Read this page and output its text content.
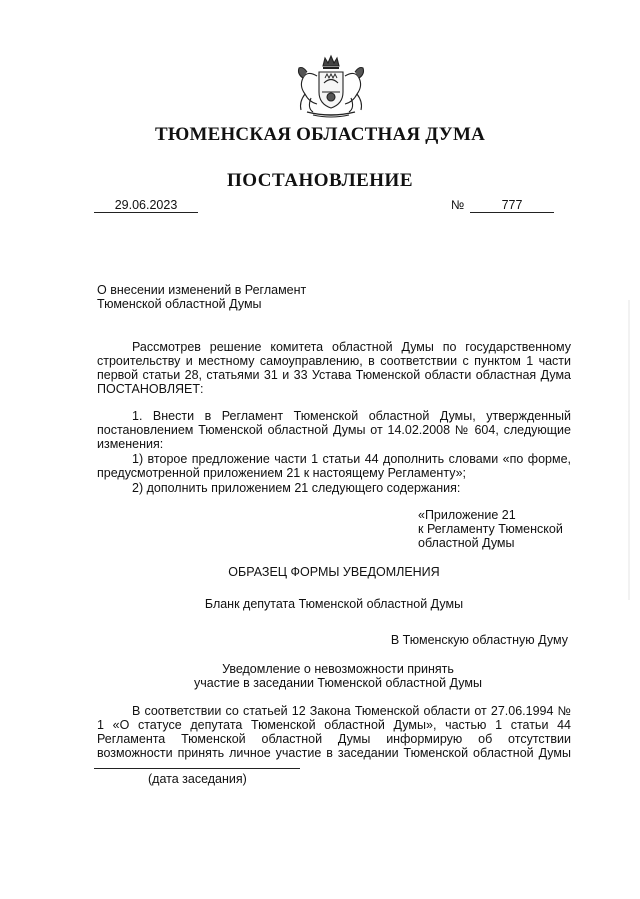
ТЮМЕНСКАЯ ОБЛАСТНАЯ ДУМА
ПОСТАНОВЛЕНИЕ
29.06.2023	№	777
О внесении изменений в Регламент
Тюменской областной Думы
Рассмотрев решение комитета областной Думы по государственному строительству и местному самоуправлению, в соответствии с пунктом 1 части первой статьи 28, статьями 31 и 33 Устава Тюменской области областная Дума ПОСТАНОВЛЯЕТ:
1. Внести в Регламент Тюменской областной Думы, утвержденный постановлением Тюменской областной Думы от 14.02.2008 № 604, следующие изменения:
1) второе предложение части 1 статьи 44 дополнить словами «по форме, предусмотренной приложением 21 к настоящему Регламенту»;
2) дополнить приложением 21 следующего содержания:
«Приложение 21
к Регламенту Тюменской
областной Думы
ОБРАЗЕЦ ФОРМЫ УВЕДОМЛЕНИЯ
Бланк депутата Тюменской областной Думы
В Тюменскую областную Думу
Уведомление о невозможности принять
участие в заседании Тюменской областной Думы
В соответствии со статьей 12 Закона Тюменской области от 27.06.1994 № 1 «О статусе депутата Тюменской областной Думы», частью 1 статьи 44 Регламента Тюменской областной Думы информирую об отсутствии возможности принять личное участие в заседании Тюменской областной Думы
(дата заседания)
